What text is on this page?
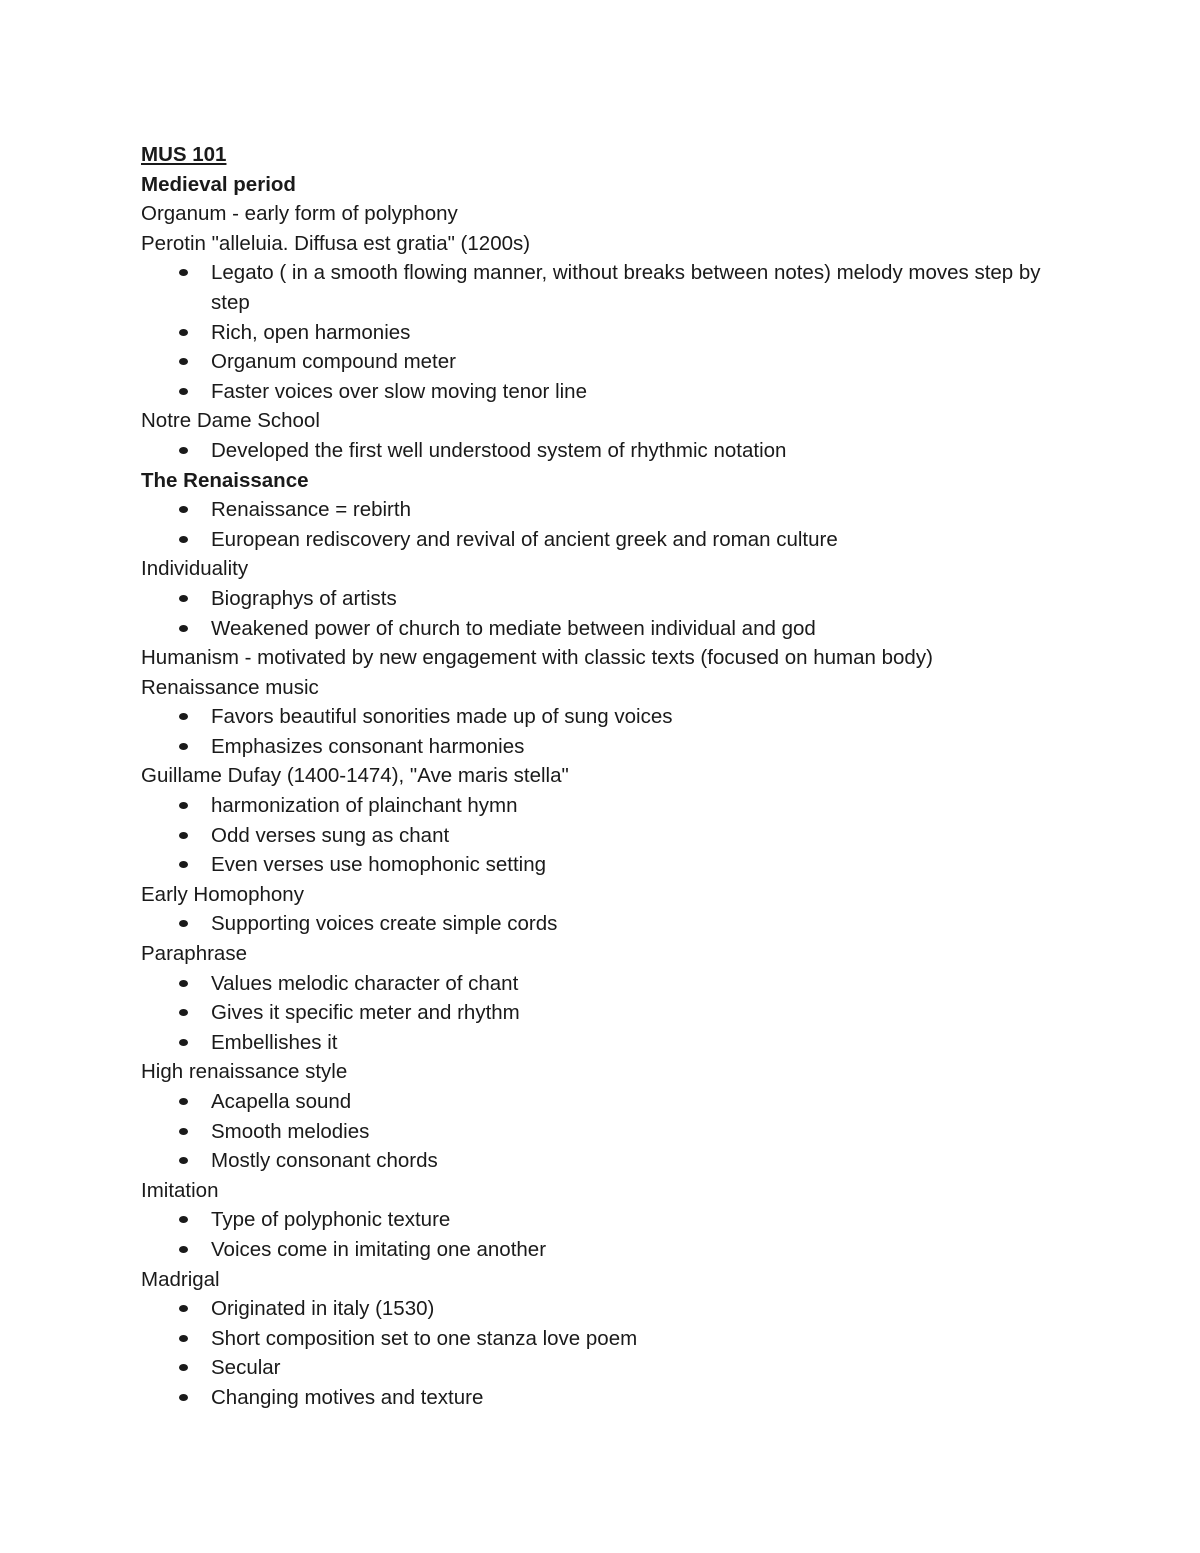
MUS 101

Medieval period

Organum - early form of polyphony

Perotin "alleluia. Diffusa est gratia" (1200s)

Legato ( in a smooth flowing manner, without breaks between notes) melody moves step by step
Rich, open harmonies
Organum compound meter
Faster voices over slow moving tenor line

Notre Dame School

Developed the first well understood system of rhythmic notation

The Renaissance

Renaissance = rebirth
European rediscovery and revival of ancient greek and roman culture

Individuality

Biographys of artists
Weakened power of church to mediate between individual and god

Humanism - motivated by new engagement with classic texts (focused on human body)

Renaissance music

Favors beautiful sonorities made up of sung voices
Emphasizes consonant harmonies

Guillame Dufay (1400-1474), "Ave maris stella"

harmonization of plainchant hymn
Odd verses sung as chant
Even verses use homophonic setting

Early Homophony

Supporting voices create simple cords

Paraphrase

Values melodic character of chant
Gives it specific meter and rhythm
Embellishes it

High renaissance style

Acapella sound
Smooth melodies
Mostly consonant chords

Imitation

Type of polyphonic texture
Voices come in imitating one another

Madrigal

Originated in italy (1530)
Short composition set to one stanza love poem
Secular
Changing motives and texture
